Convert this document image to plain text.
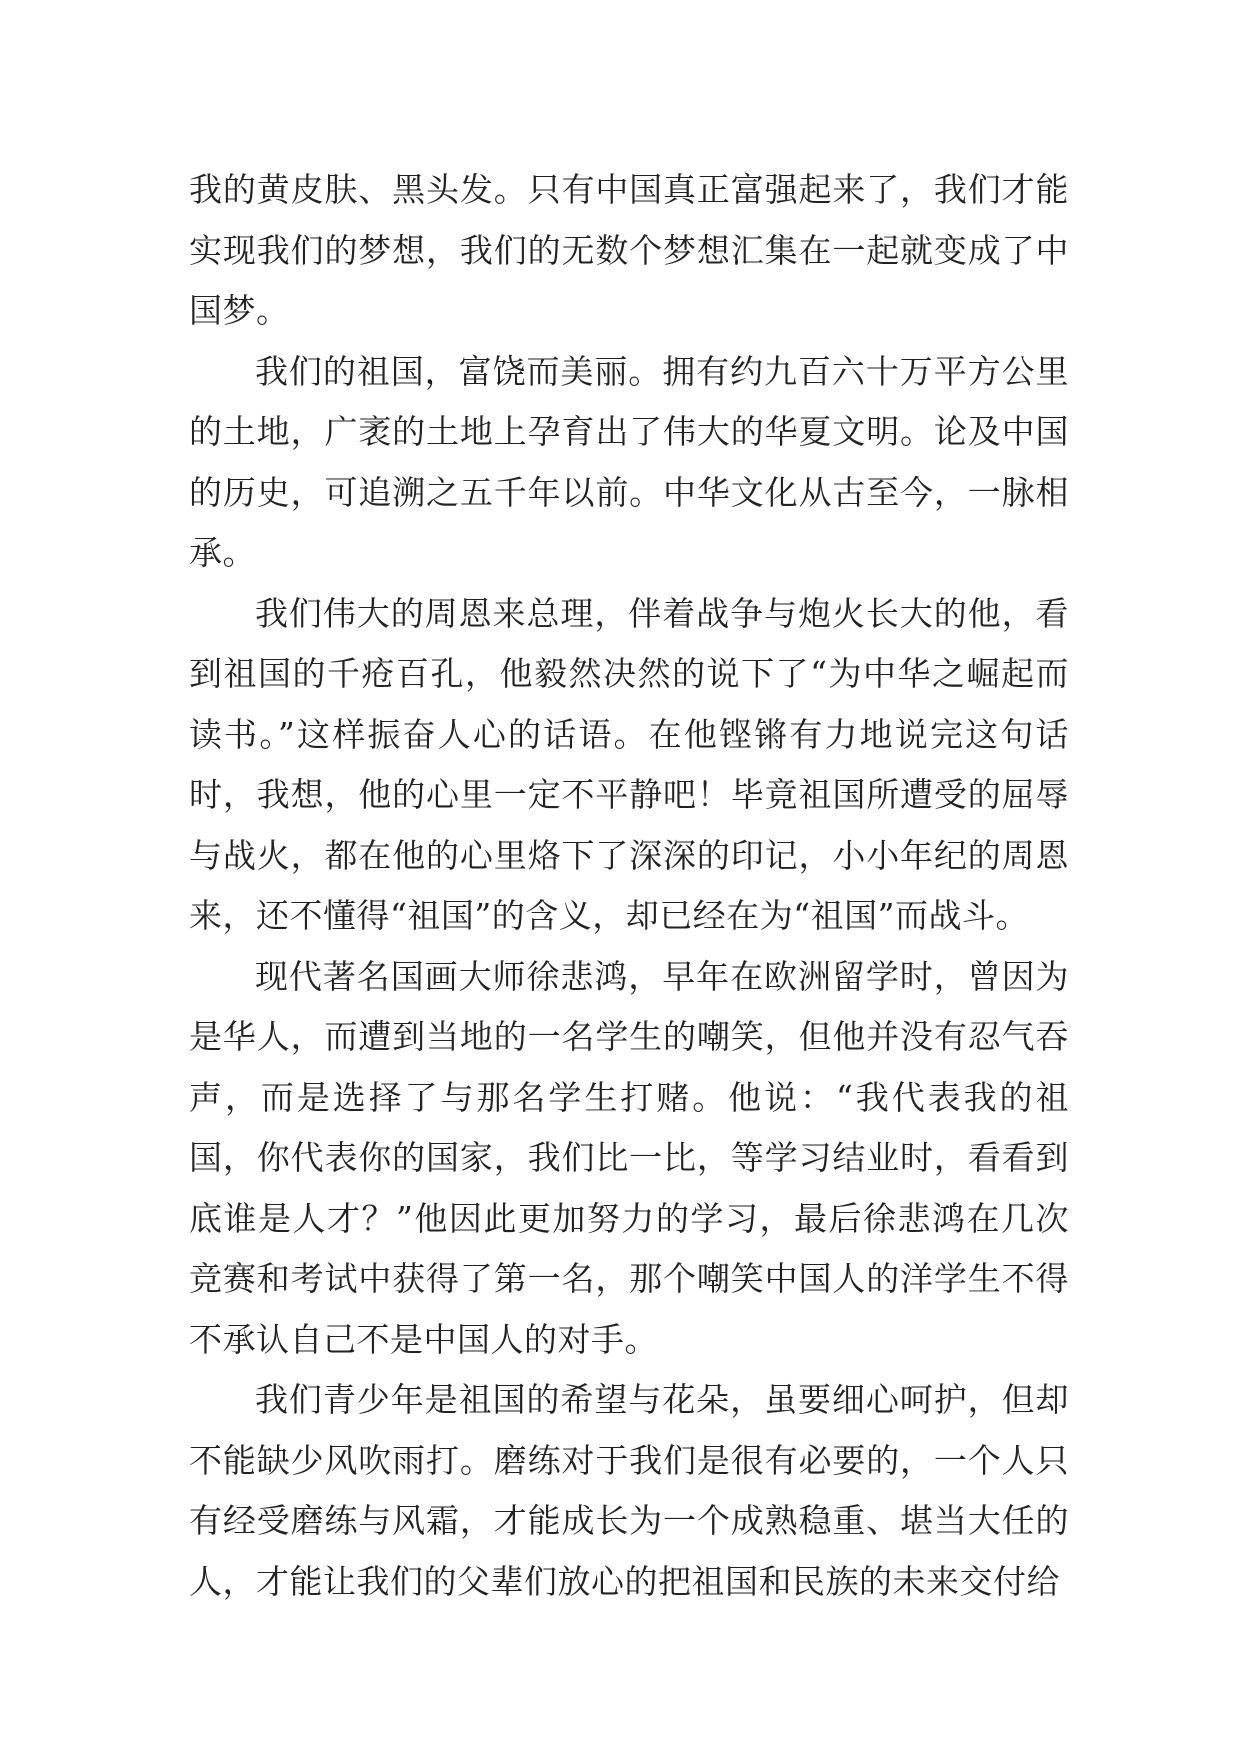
我的黄皮肤、黑头发。只有中国真正富强起来了，我们才能实现我们的梦想，我们的无数个梦想汇集在一起就变成了中国梦。

我们的祖国，富饶而美丽。拥有约九百六十万平方公里的土地，广袤的土地上孕育出了伟大的华夏文明。论及中国的历史，可追溯之五千年以前。中华文化从古至今，一脉相承。

我们伟大的周恩来总理，伴着战争与炮火长大的他，看到祖国的千疮百孔，他毅然决然的说下了“为中华之崛起而读书。”这样振奋人心的话语。在他铿锵有力地说完这句话时，我想，他的心里一定不平静吧！毕竟祖国所遭受的屈辱与战火，都在他的心里烙下了深深的印记，小小年纪的周恩来，还不懂得“祖国”的含义，却已经在为“祖国”而战斗。

现代著名国画大师徐悲鸿，早年在欧洲留学时，曾因为是华人，而遭到当地的一名学生的嘲笑，但他并没有忍气吞声，而是选择了与那名学生打赌。他说：“我代表我的祖国，你代表你的国家，我们比一比，等学习结业时，看看到底谁是人才？”他因此更加努力的学习，最后徐悲鸿在几次竞赛和考试中获得了第一名，那个嘲笑中国人的洋学生不得不承认自己不是中国人的对手。

我们青少年是祖国的希望与花朵，虽要细心呵护，但却不能缺少风吹雨打。磨练对于我们是很有必要的，一个人只有经受磨练与风霜，才能成长为一个成熟稳重、堪当大任的人，才能让我们的父辈们放心的把祖国和民族的未来交付给
